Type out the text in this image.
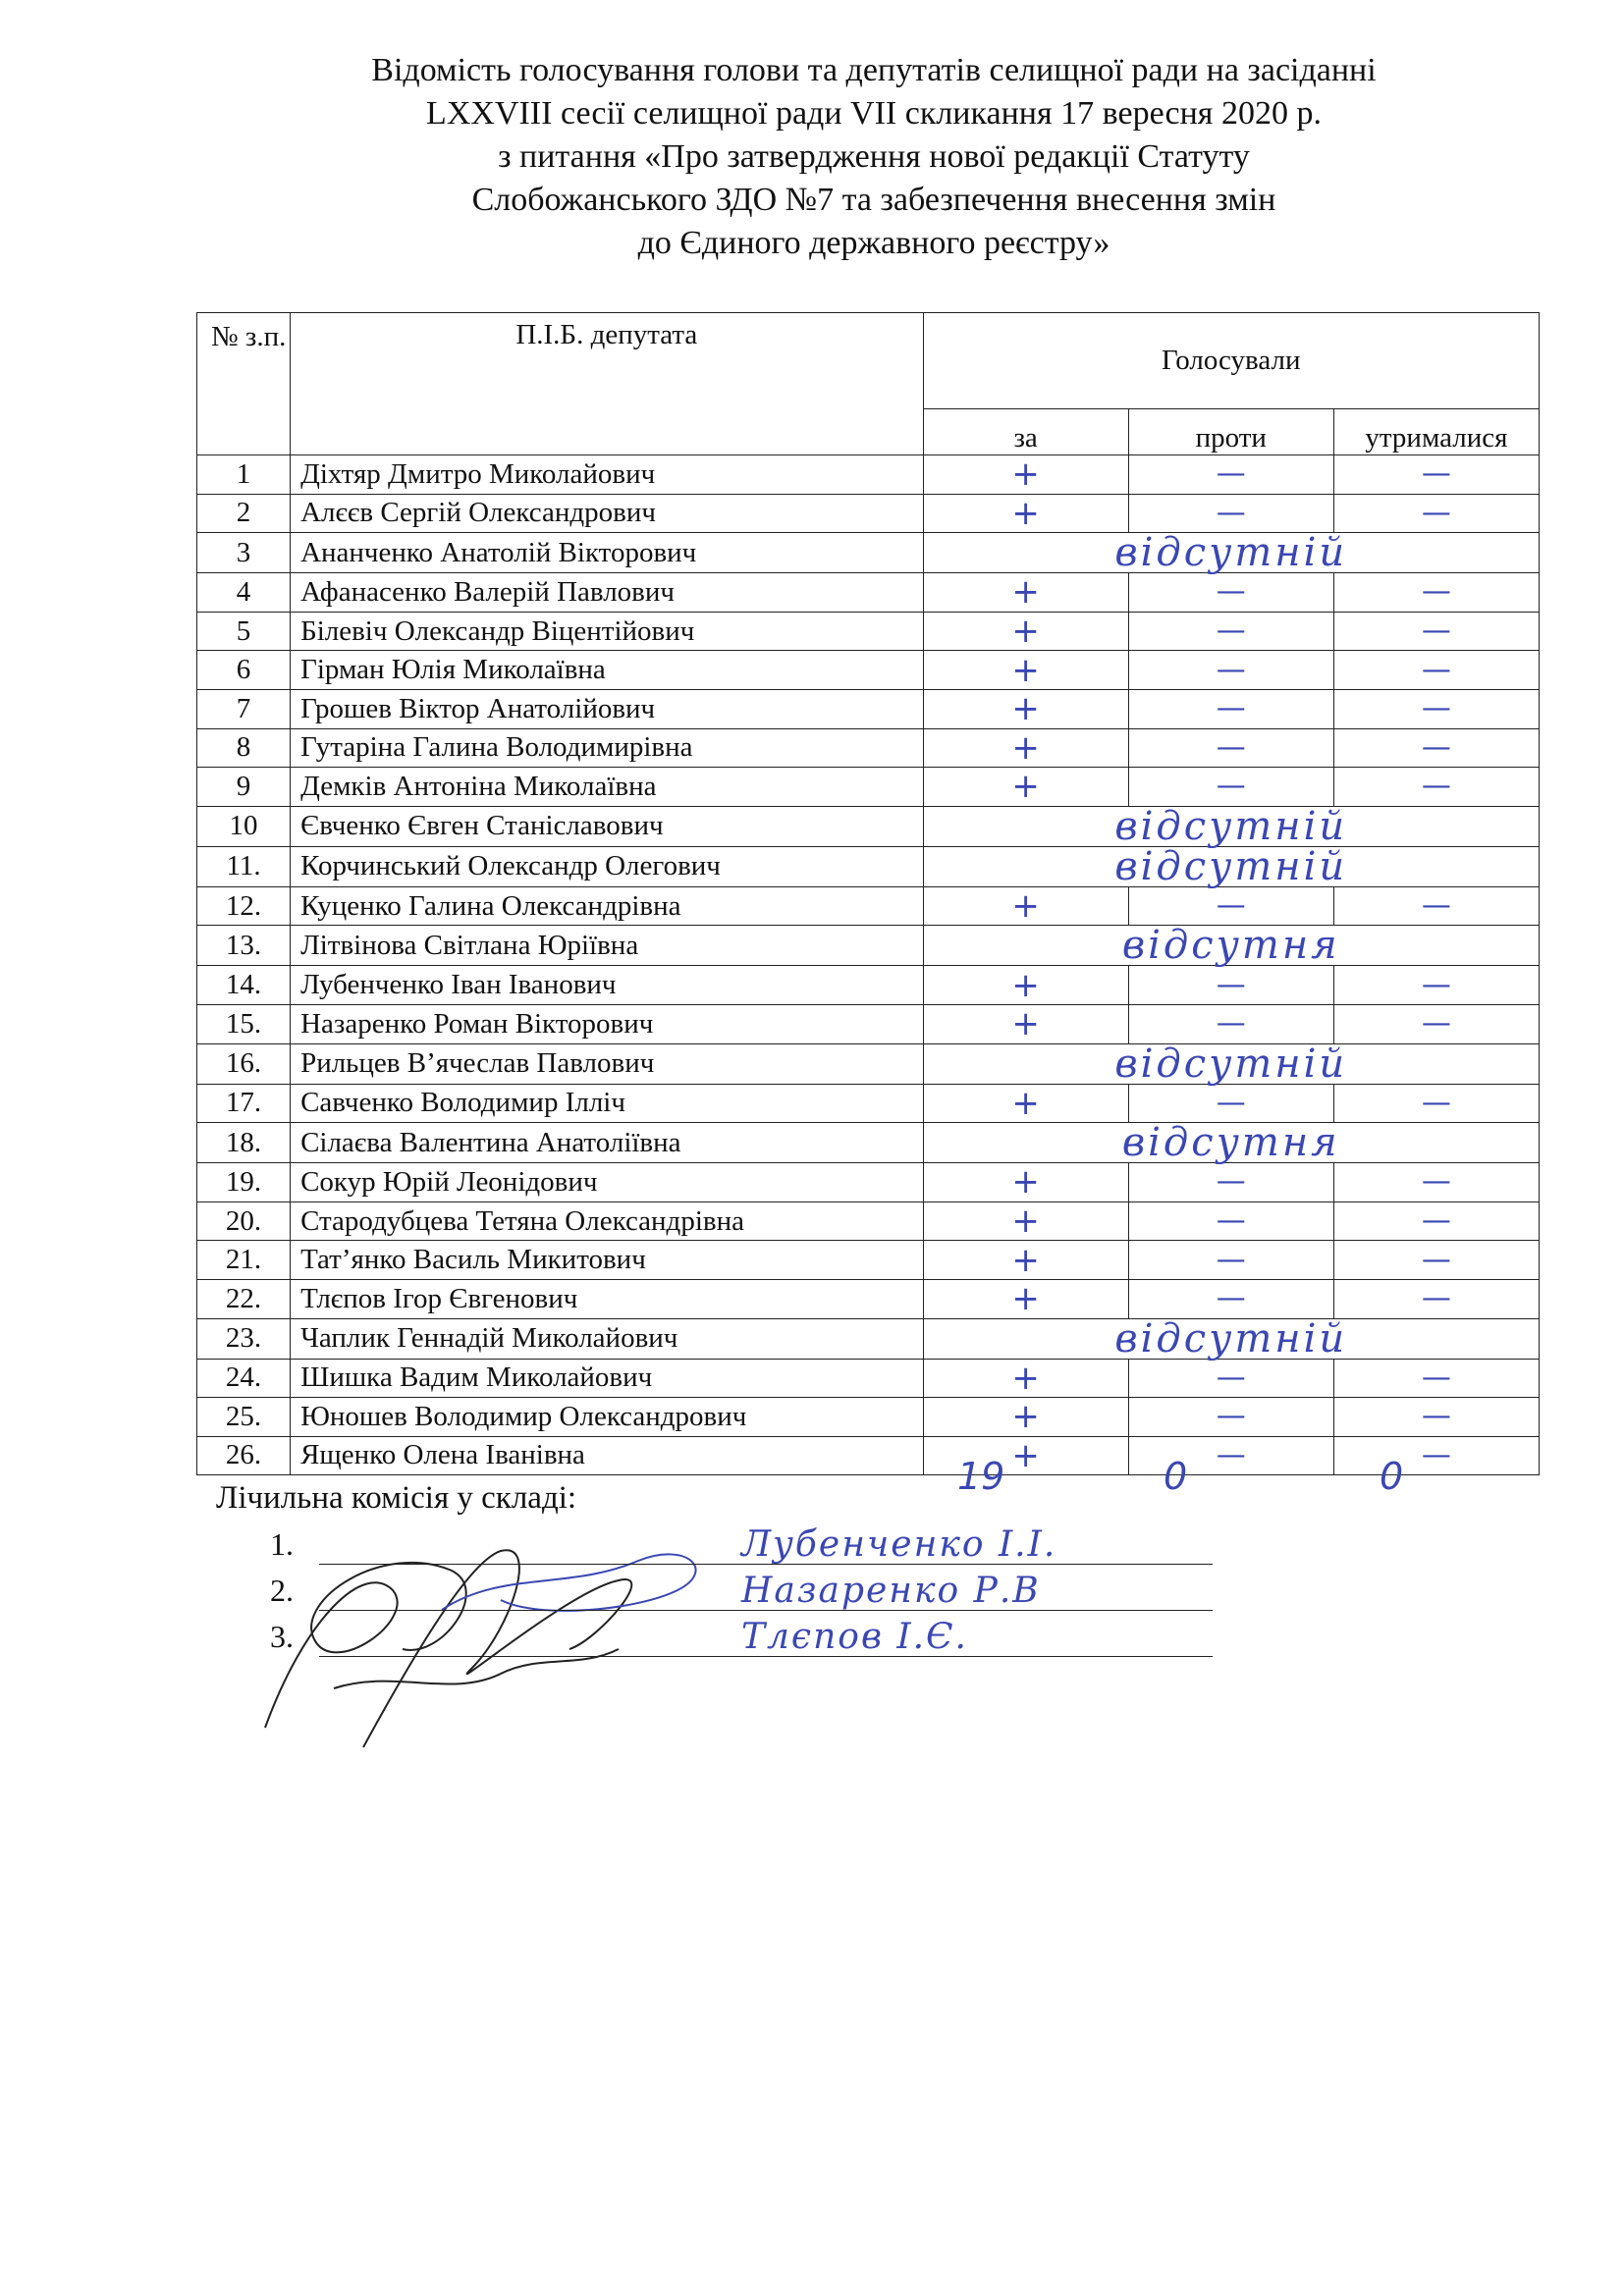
Відомість голосування голови та депутатів селищної ради на засіданні
LXXVIII сесії селищної ради VII скликання 17 вересня 2020 р.
з питання «Про затвердження нової редакції Статуту
Слобожанського ЗДО №7 та забезпечення внесення змін
до Єдиного державного реєстру»
№ з.п.	П.І.Б. депутата	Голосували		
		за	проти	утрималися
1	Діхтяр Дмитро Миколайович	+	—	—
2	Алєєв Сергій Олександрович	+	—	—
3	Ананченко Анатолій Вікторович	відсутній		
4	Афанасенко Валерій Павлович	+	—	—
5	Білевіч Олександр Віцентійович	+	—	—
6	Гірман Юлія Миколаївна	+	—	—
7	Грошев Віктор Анатолійович	+	—	—
8	Гутаріна Галина Володимирівна	+	—	—
9	Демків Антоніна Миколаївна	+	—	—
10	Євченко Євген Станіславович	відсутній		
11.	Корчинський Олександр Олегович	відсутній		
12.	Куценко Галина Олександрівна	+	—	—
13.	Літвінова Світлана Юріївна	відсутня		
14.	Лубенченко Іван Іванович	+	—	—
15.	Назаренко Роман Вікторович	+	—	—
16.	Рильцев В’ячеслав Павлович	відсутній		
17.	Савченко Володимир Ілліч	+	—	—
18.	Сілаєва Валентина Анатоліївна	відсутня		
19.	Сокур Юрій Леонідович	+	—	—
20.	Стародубцева Тетяна Олександрівна	+	—	—
21.	Тат’янко Василь Микитович	+	—	—
22.	Тлєпов Ігор Євгенович	+	—	—
23.	Чаплик Геннадій Миколайович	відсутній		
24.	Шишка Вадим Миколайович	+	—	—
25.	Юношев Володимир Олександрович	+	—	—
26.	Ященко Олена Іванівна	+	—	—
19	0	0
Лічильна комісія у складі:
1.	Лубенченко І.І.
2.	Назаренко Р.В
3.	Тлєпов І.Є.
